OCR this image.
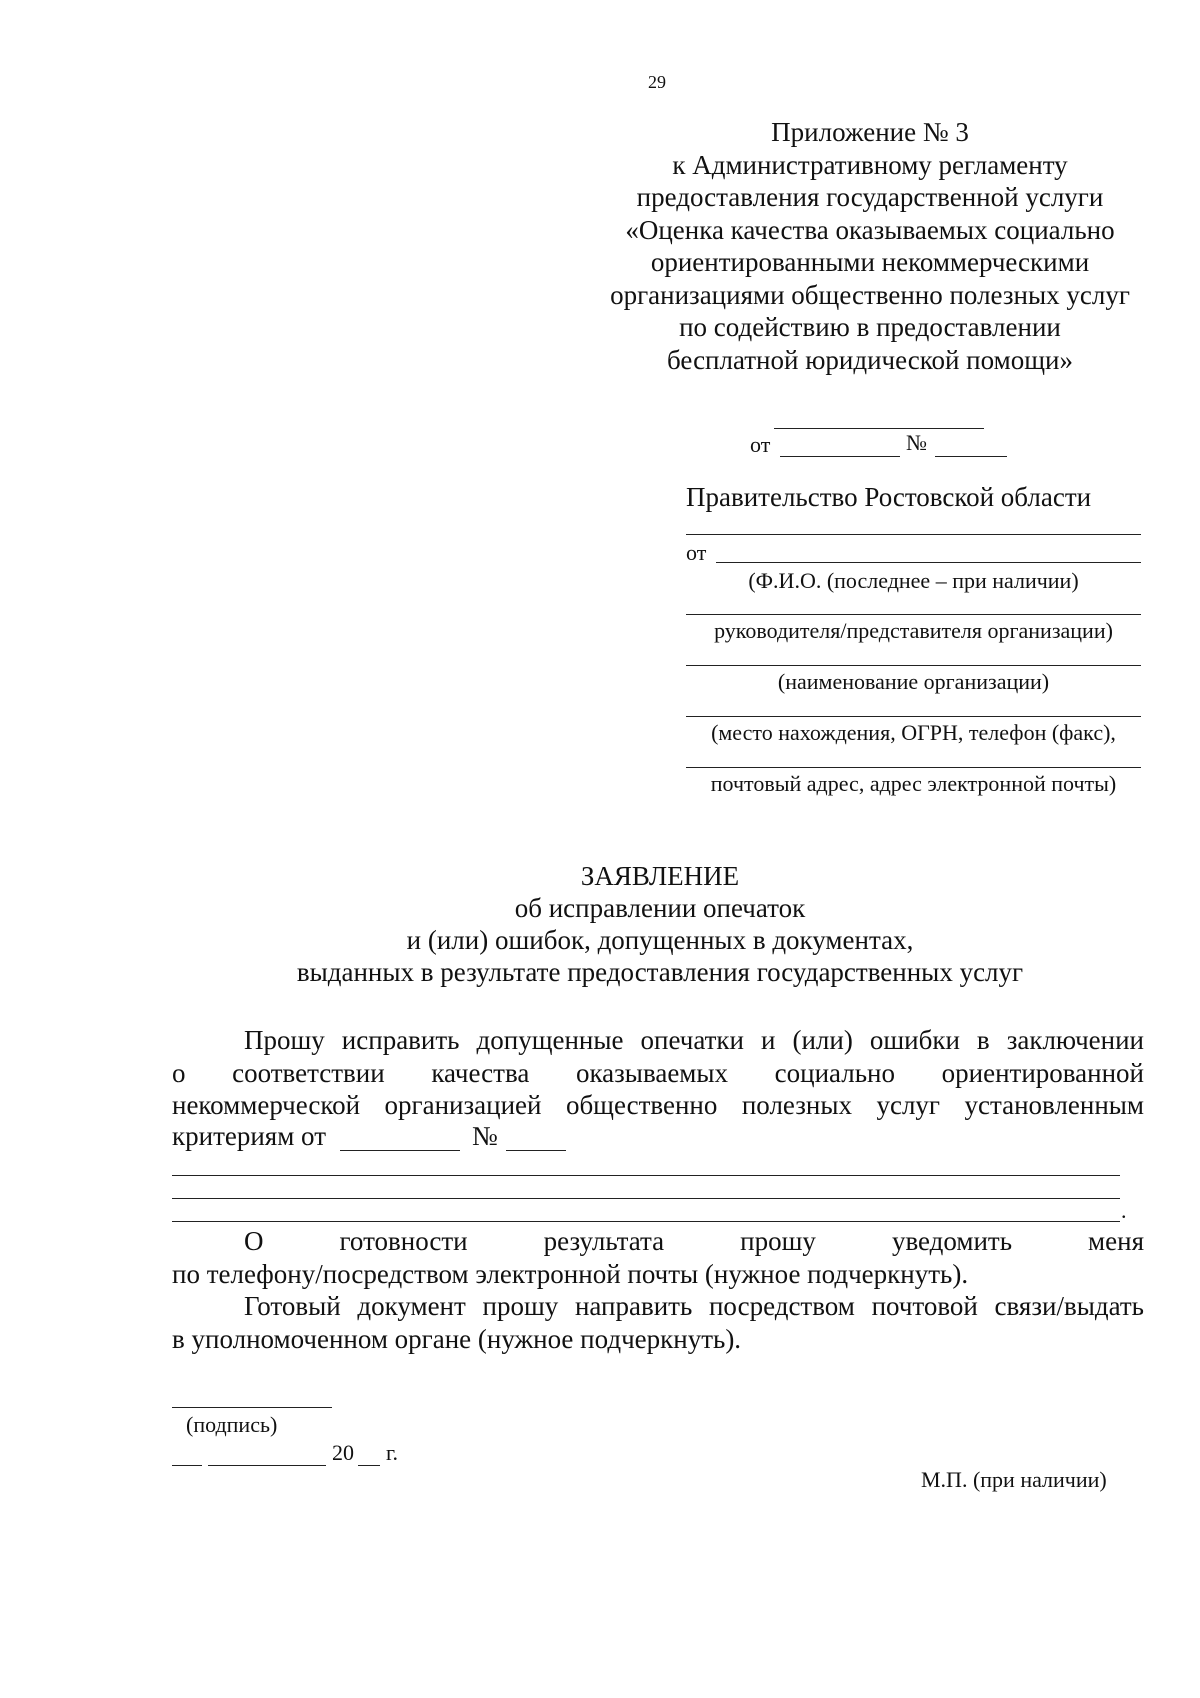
29
Приложение № 3
к Административному регламенту
предоставления государственной услуги
«Оценка качества оказываемых социально
ориентированными некоммерческими
организациями общественно полезных услуг
по содействию в предоставлении
бесплатной юридической помощи»
от	№
Правительство Ростовской области
от
(Ф.И.О. (последнее – при наличии)
руководителя/представителя организации)
(наименование организации)
(место нахождения, ОГРН, телефон (факс),
почтовый адрес, адрес электронной почты)
ЗАЯВЛЕНИЕ
об исправлении опечаток
и (или) ошибок, допущенных в документах,
выданных в результате предоставления государственных услуг
Прошу исправить допущенные опечатки и (или) ошибки в заключении
о соответствии качества оказываемых социально ориентированной
некоммерческой организацией общественно полезных услуг установленным
критериям от	№
.
О готовности результата прошу уведомить меня
по телефону/посредством электронной почты (нужное подчеркнуть).
Готовый документ прошу направить посредством почтовой связи/выдать
в уполномоченном органе (нужное подчеркнуть).
(подпись)
20 г.
М.П. (при наличии)
